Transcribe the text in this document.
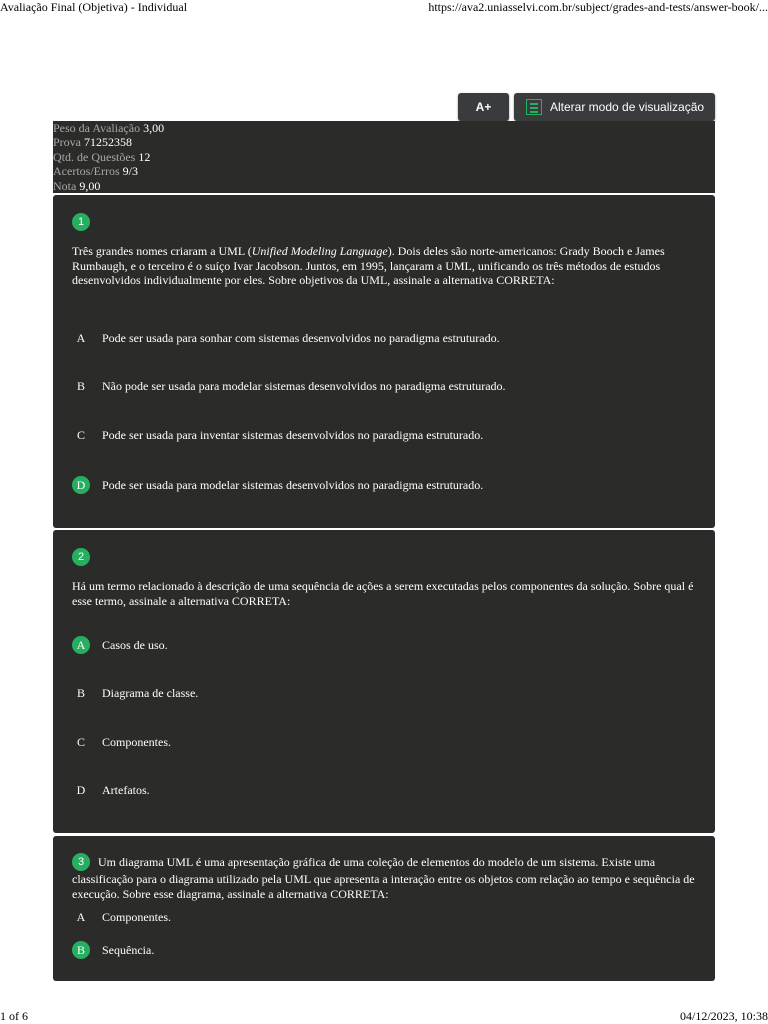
Avaliação Final (Objetiva) - Individual	https://ava2.uniasselvi.com.br/subject/grades-and-tests/answer-book/...
A+	Alterar modo de visualização
Peso da Avaliação 3,00
Prova 71252358
Qtd. de Questões 12
Acertos/Erros 9/3
Nota 9,00
1
Três grandes nomes criaram a UML (Unified Modeling Language). Dois deles são norte-americanos: Grady Booch e James Rumbaugh, e o terceiro é o suíço Ivar Jacobson. Juntos, em 1995, lançaram a UML, unificando os três métodos de estudos desenvolvidos individualmente por eles. Sobre objetivos da UML, assinale a alternativa CORRETA:
A	Pode ser usada para sonhar com sistemas desenvolvidos no paradigma estruturado.
B	Não pode ser usada para modelar sistemas desenvolvidos no paradigma estruturado.
C	Pode ser usada para inventar sistemas desenvolvidos no paradigma estruturado.
D	Pode ser usada para modelar sistemas desenvolvidos no paradigma estruturado.
2
Há um termo relacionado à descrição de uma sequência de ações a serem executadas pelos componentes da solução. Sobre qual é esse termo, assinale a alternativa CORRETA:
A	Casos de uso.
B	Diagrama de classe.
C	Componentes.
D	Artefatos.
3 Um diagrama UML é uma apresentação gráfica de uma coleção de elementos do modelo de um sistema. Existe uma classificação para o diagrama utilizado pela UML que apresenta a interação entre os objetos com relação ao tempo e sequência de execução. Sobre esse diagrama, assinale a alternativa CORRETA:
A	Componentes.
B	Sequência.
1 of 6	04/12/2023, 10:38
